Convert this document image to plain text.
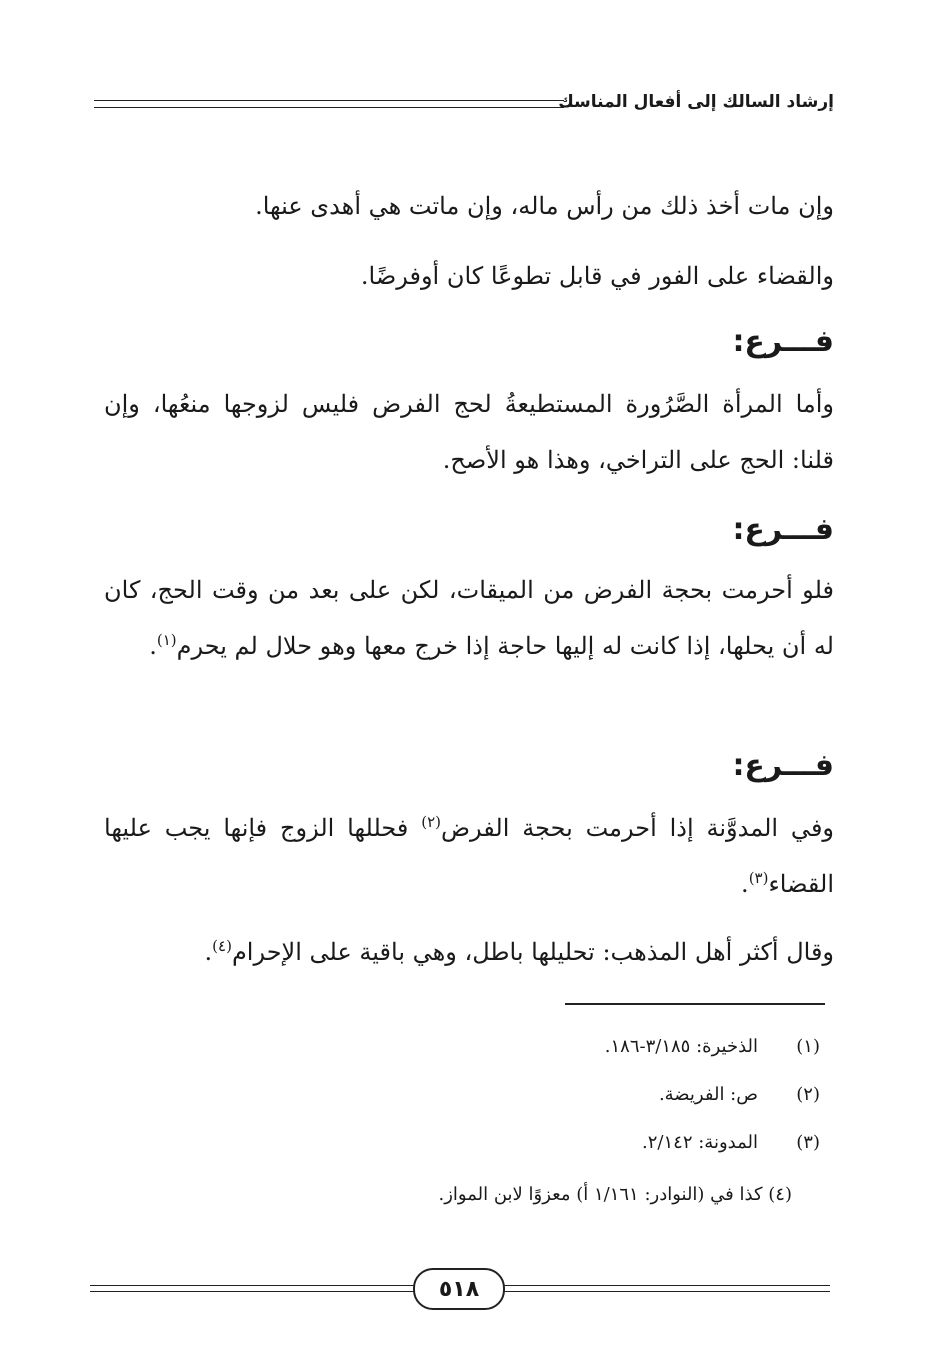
إرشاد السالك إلى أفعال المناسك
وإن مات أخذ ذلك من رأس ماله، وإن ماتت هي أهدى عنها.
والقضاء على الفور في قابل تطوعًا كان أوفرضًا.
فـــرع:
وأما المرأة الصَّرُورة المستطيعةُ لحج الفرض فليس لزوجها منعُها، وإن قلنا: الحج على التراخي، وهذا هو الأصح.
فـــرع:
فلو أحرمت بحجة الفرض من الميقات، لكن على بعد من وقت الحج، كان له أن يحلها، إذا كانت له إليها حاجة إذا خرج معها وهو حلال لم يحرم$^{(١)}$.
فـــرع:
وفي المدوَّنة إذا أحرمت بحجة الفرض$^{(٢)}$ فحللها الزوج فإنها يجب عليها القضاء$^{(٣)}$.
وقال أكثر أهل المذهب: تحليلها باطل، وهي باقية على الإحرام$^{(٤)}$.
(١)الذخيرة: ٣/١٨٥-١٨٦.
(٢)ص: الفريضة.
(٣)المدونة: ٢/١٤٢.
(٤) كذا في (النوادر: ١/١٦١ أ) معزوًا لابن المواز.
٥١٨
